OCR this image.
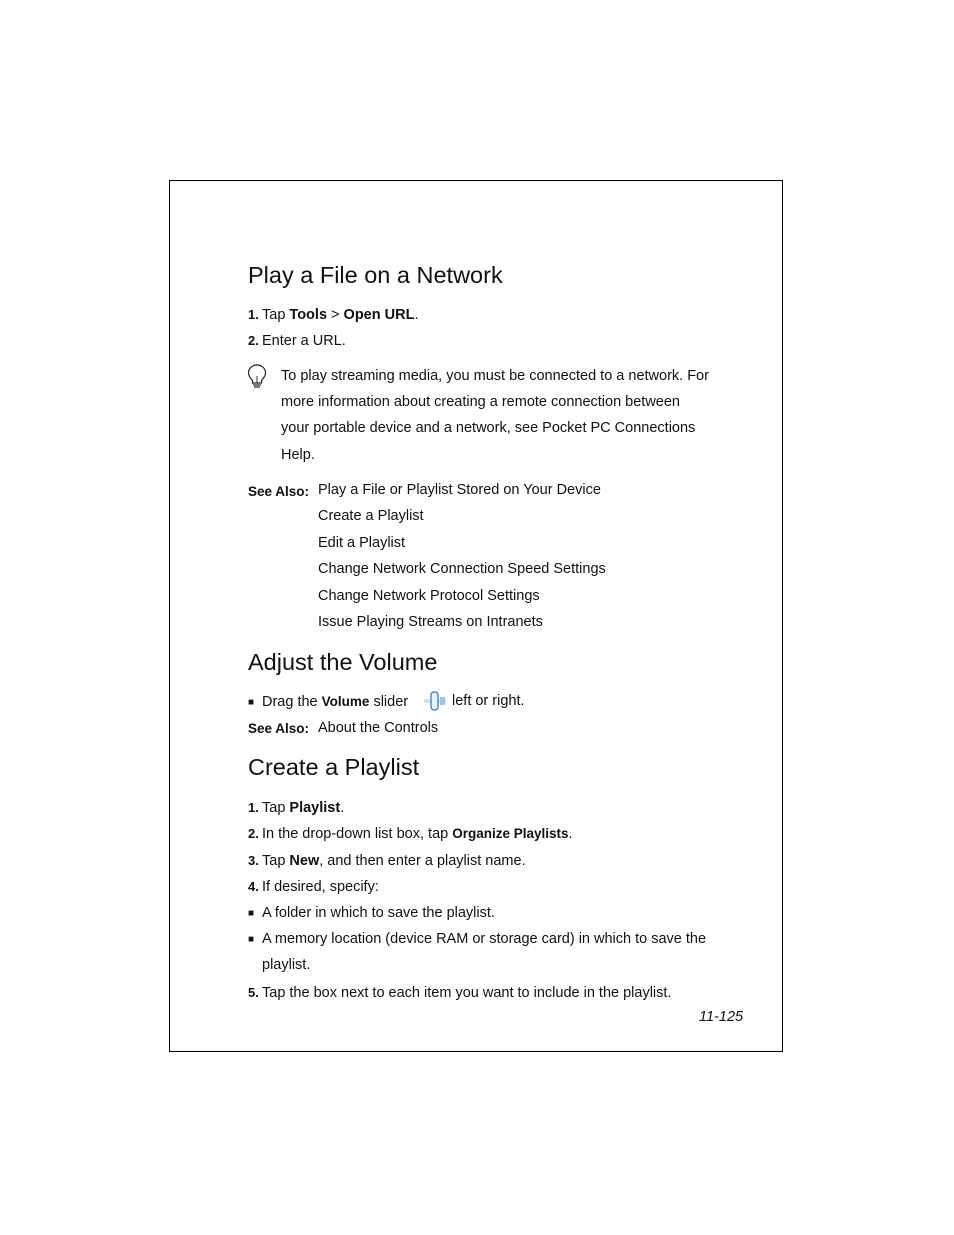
Play a File on a Network
1. Tap Tools > Open URL.
2. Enter a URL.
To play streaming media, you must be connected to a network. For
more information about creating a remote connection between
your portable device and a network, see Pocket PC Connections
Help.
See Also: Play a File or Playlist Stored on Your Device
Create a Playlist
Edit a Playlist
Change Network Connection Speed Settings
Change Network Protocol Settings
Issue Playing Streams on Intranets
Adjust the Volume
■ Drag the Volume slider	left or right.
See Also: About the Controls
Create a Playlist
1. Tap Playlist.
2. In the drop-down list box, tap Organize Playlists.
3. Tap New, and then enter a playlist name.
4. If desired, specify:
■ A folder in which to save the playlist.
■ A memory location (device RAM or storage card) in which to save the
playlist.
5. Tap the box next to each item you want to include in the playlist.
11-125
